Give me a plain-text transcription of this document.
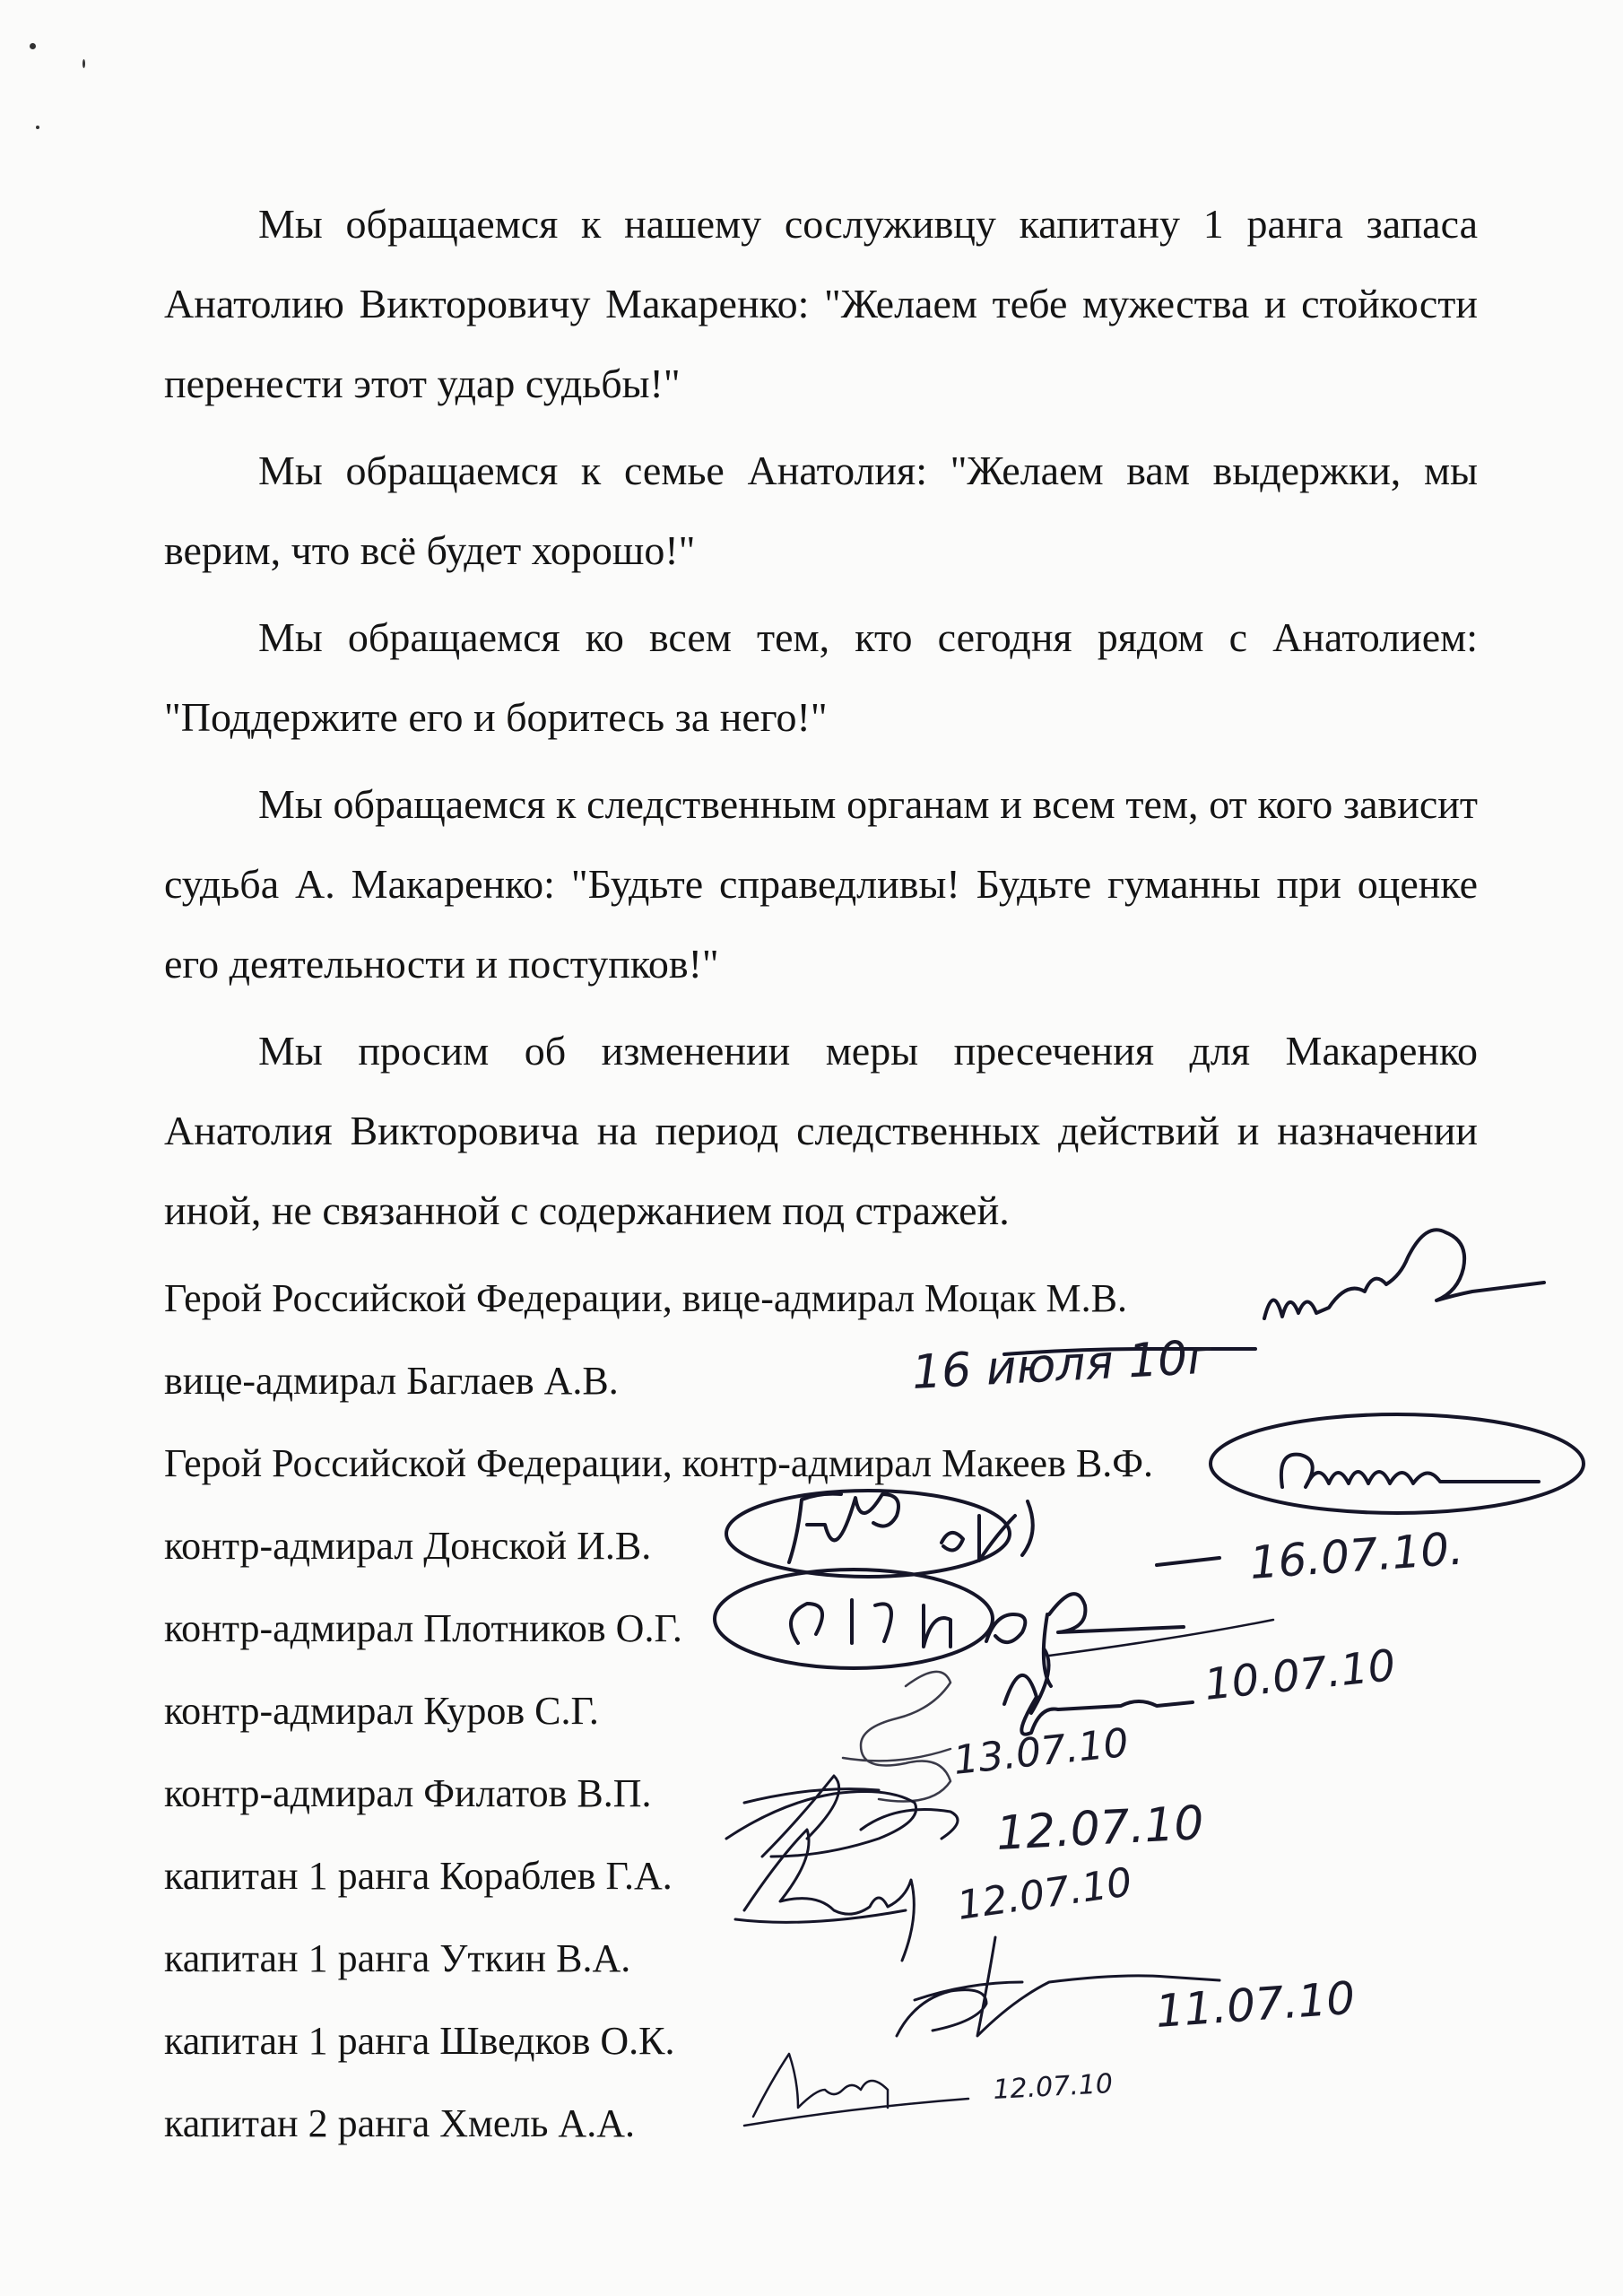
Мы обращаемся к нашему сослуживцу капитану 1 ранга запаса Анатолию Викторовичу Макаренко: "Желаем тебе мужества и стойкости перенести этот удар судьбы!"

Мы обращаемся к семье Анатолия: "Желаем вам выдержки, мы верим, что всё будет хорошо!"

Мы обращаемся ко всем тем, кто сегодня рядом с Анатолием: "Поддержите его и боритесь за него!"

Мы обращаемся к следственным органам и всем тем, от кого зависит судьба А. Макаренко: "Будьте справедливы! Будьте гуманны при оценке его деятельности и поступков!"

Мы просим об изменении меры пресечения для Макаренко Анатолия Викторовича на период следственных действий и назначении иной, не связанной с содержанием под стражей.

Герой Российской Федерации, вице-адмирал Моцак М.В.
вице-адмирал Баглаев А.В.
Герой Российской Федерации, контр-адмирал Макеев В.Ф.
контр-адмирал Донской И.В.
контр-адмирал Плотников О.Г.
контр-адмирал Куров С.Г.
контр-адмирал Филатов В.П.
капитан 1 ранга Кораблев Г.А.
капитан 1 ранга Уткин В.А.
капитан 1 ранга Шведков О.К.
капитан 2 ранга Хмель А.А.
16 июля 10г
16.07.10.
10.07.10
13.07.10
12.07.10
12.07.10
11.07.10
12.07.10
